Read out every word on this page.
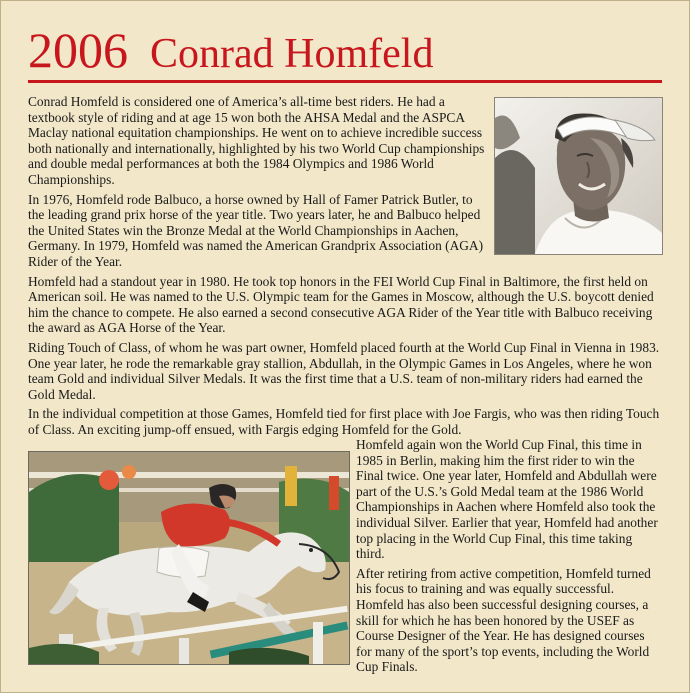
2006 Conrad Homfeld

Conrad Homfeld is considered one of America’s all-time best riders. He had a textbook style of riding and at age 15 won both the AHSA Medal and the ASPCA Maclay national equitation championships. He went on to achieve incredible success both nationally and internationally, highlighted by his two World Cup championships and double medal performances at both the 1984 Olympics and 1986 World Championships.

In 1976, Homfeld rode Balbuco, a horse owned by Hall of Famer Patrick Butler, to the leading grand prix horse of the year title. Two years later, he and Balbuco helped the United States win the Bronze Medal at the World Championships in Aachen, Germany. In 1979, Homfeld was named the American Grandprix Association (AGA) Rider of the Year.

Homfeld had a standout year in 1980. He took top honors in the FEI World Cup Final in Baltimore, the first held on American soil. He was named to the U.S. Olympic team for the Games in Moscow, although the U.S. boycott denied him the chance to compete. He also earned a second consecutive AGA Rider of the Year title with Balbuco receiving the award as AGA Horse of the Year.

Riding Touch of Class, of whom he was part owner, Homfeld placed fourth at the World Cup Final in Vienna in 1983. One year later, he rode the remarkable gray stallion, Abdullah, in the Olympic Games in Los Angeles, where he won team Gold and individual Silver Medals. It was the first time that a U.S. team of non-military riders had earned the Gold Medal.

In the individual competition at those Games, Homfeld tied for first place with Joe Fargis, who was then riding Touch of Class. An exciting jump-off ensued, with Fargis edging Homfeld for the Gold.

Homfeld again won the World Cup Final, this time in 1985 in Berlin, making him the first rider to win the Final twice. One year later, Homfeld and Abdullah were part of the U.S.’s Gold Medal team at the 1986 World Championships in Aachen where Homfeld also took the individual Silver. Earlier that year, Homfeld had another top placing in the World Cup Final, this time taking third.

After retiring from active competition, Homfeld turned his focus to training and was equally successful. Homfeld has also been successful designing courses, a skill for which he has been honored by the USEF as Course Designer of the Year. He has designed courses for many of the sport’s top events, including the World Cup Finals.
